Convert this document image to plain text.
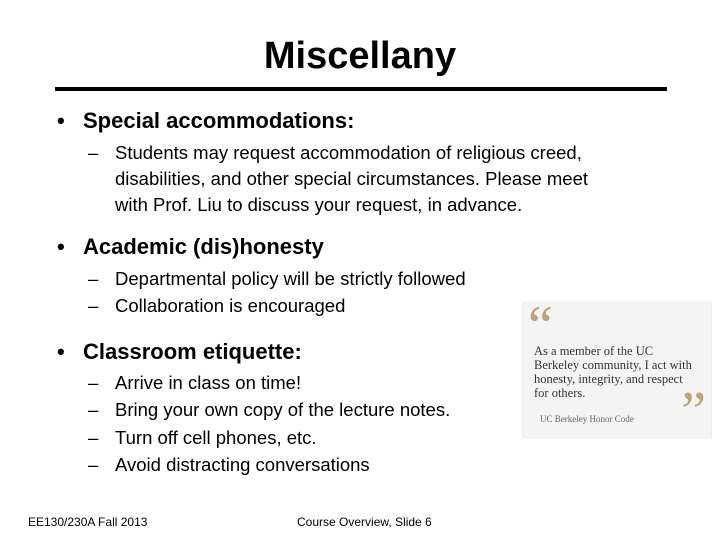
Miscellany
• Special accommodations:
– Students may request accommodation of religious creed,
disabilities, and other special circumstances. Please meet
with Prof. Liu to discuss your request, in advance.
• Academic (dis)honesty
– Departmental policy will be strictly followed
– Collaboration is encouraged
• Classroom etiquette:
– Arrive in class on time!
– Bring your own copy of the lecture notes.
– Turn off cell phones, etc.
– Avoid distracting conversations
“
As a member of the UC
Berkeley community, I act with
honesty, integrity, and respect
for others.
UC Berkeley Honor Code ”
EE130/230A Fall 2013	Course Overview, Slide 6
